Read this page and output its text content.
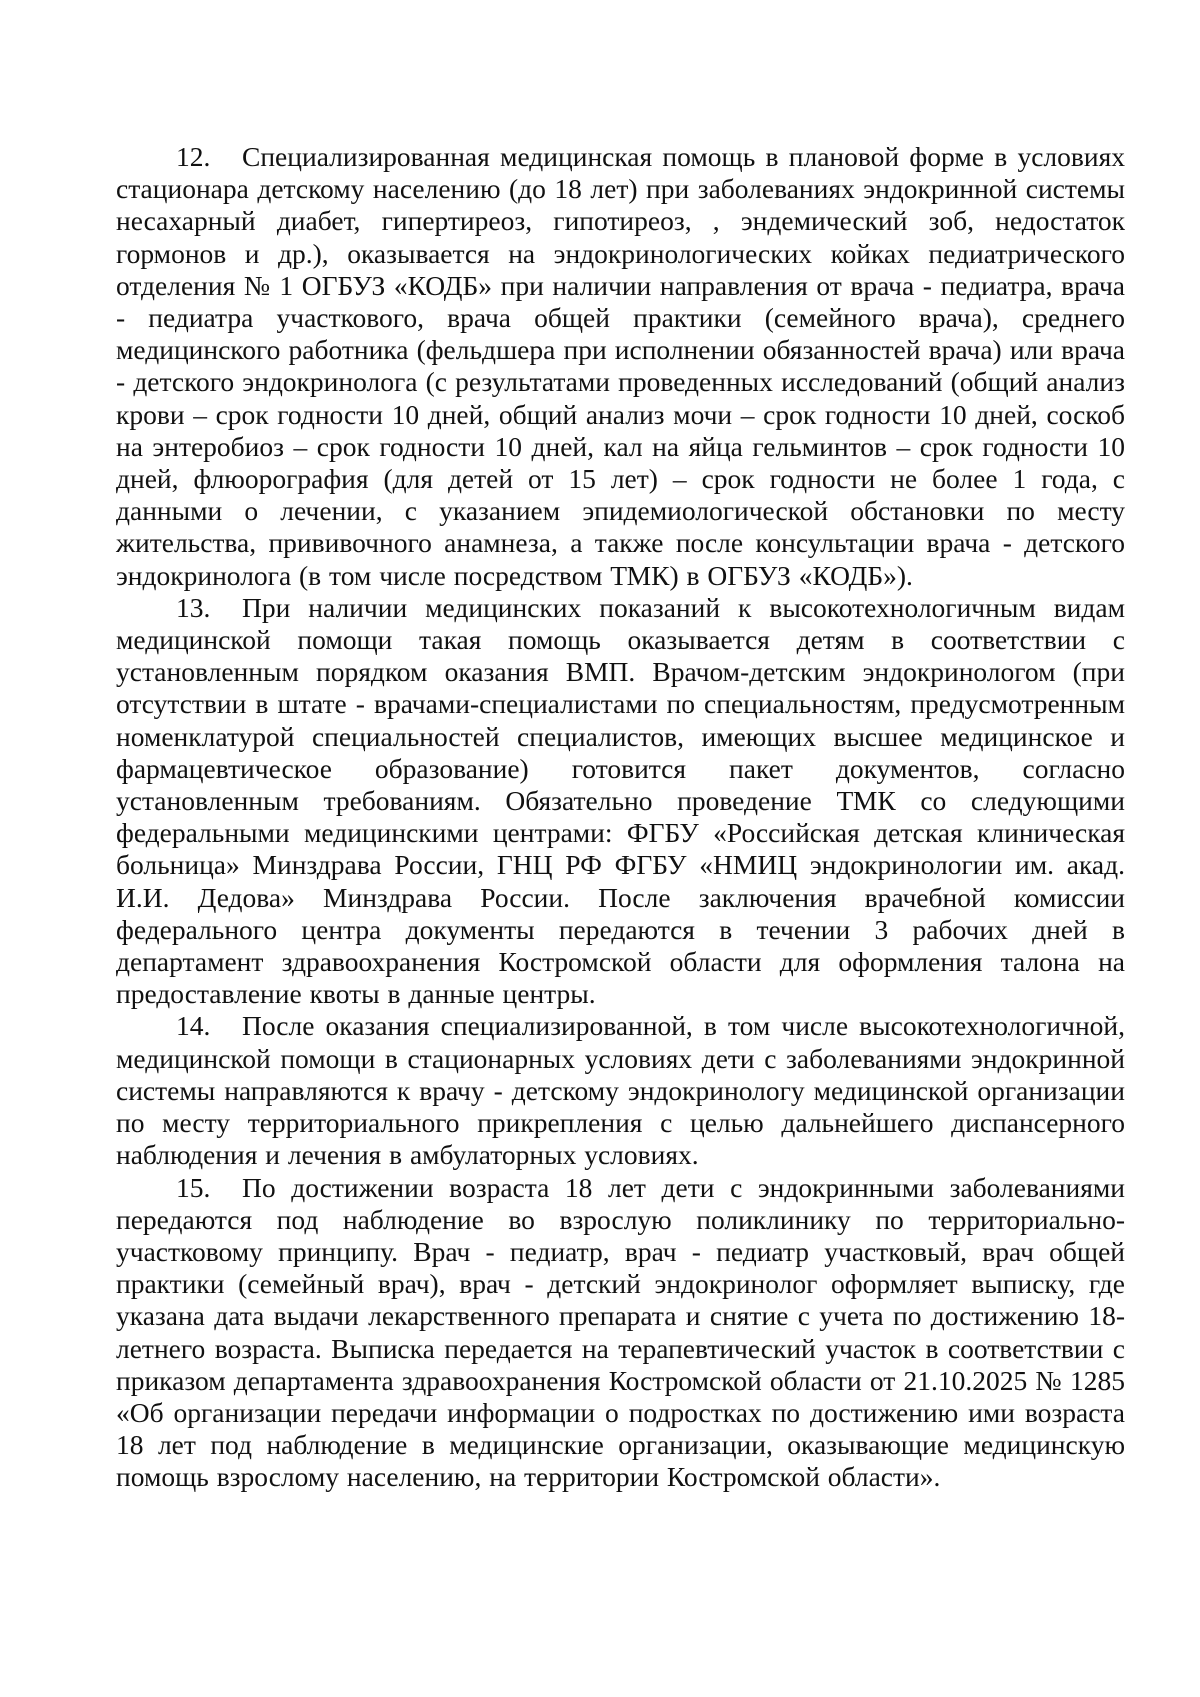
12. Специализированная медицинская помощь в плановой форме в условиях стационара детскому населению (до 18 лет) при заболеваниях эндокринной системы несахарный диабет, гипертиреоз, гипотиреоз, , эндемический зоб, недостаток гормонов и др.), оказывается на эндокринологических койках педиатрического отделения № 1 ОГБУЗ «КОДБ» при наличии направления от врача - педиатра, врача - педиатра участкового, врача общей практики (семейного врача), среднего медицинского работника (фельдшера при исполнении обязанностей врача) или врача - детского эндокринолога (с результатами проведенных исследований (общий анализ крови – срок годности 10 дней, общий анализ мочи – срок годности 10 дней, соскоб на энтеробиоз – срок годности 10 дней, кал на яйца гельминтов – срок годности 10 дней, флюорография (для детей от 15 лет) – срок годности не более 1 года, с данными о лечении, с указанием эпидемиологической обстановки по месту жительства, прививочного анамнеза, а также после консультации врача - детского эндокринолога (в том числе посредством ТМК) в ОГБУЗ «КОДБ»).

13. При наличии медицинских показаний к высокотехнологичным видам медицинской помощи такая помощь оказывается детям в соответствии с установленным порядком оказания ВМП. Врачом-детским эндокринологом (при отсутствии в штате - врачами-специалистами по специальностям, предусмотренным номенклатурой специальностей специалистов, имеющих высшее медицинское и фармацевтическое образование) готовится пакет документов, согласно установленным требованиям. Обязательно проведение ТМК со следующими федеральными медицинскими центрами: ФГБУ «Российская детская клиническая больница» Минздрава России, ГНЦ РФ ФГБУ «НМИЦ эндокринологии им. акад. И.И. Дедова» Минздрава России. После заключения врачебной комиссии федерального центра документы передаются в течении 3 рабочих дней в департамент здравоохранения Костромской области для оформления талона на предоставление квоты в данные центры.

14. После оказания специализированной, в том числе высокотехнологичной, медицинской помощи в стационарных условиях дети с заболеваниями эндокринной системы направляются к врачу - детскому эндокринологу медицинской организации по месту территориального прикрепления с целью дальнейшего диспансерного наблюдения и лечения в амбулаторных условиях.

15. По достижении возраста 18 лет дети с эндокринными заболеваниями передаются под наблюдение во взрослую поликлинику по территориально-участковому принципу. Врач - педиатр, врач - педиатр участковый, врач общей практики (семейный врач), врач - детский эндокринолог оформляет выписку, где указана дата выдачи лекарственного препарата и снятие с учета по достижению 18-летнего возраста. Выписка передается на терапевтический участок в соответствии с приказом департамента здравоохранения Костромской области от 21.10.2025 № 1285 «Об организации передачи информации о подростках по достижению ими возраста 18 лет под наблюдение в медицинские организации, оказывающие медицинскую помощь взрослому населению, на территории Костромской области».
